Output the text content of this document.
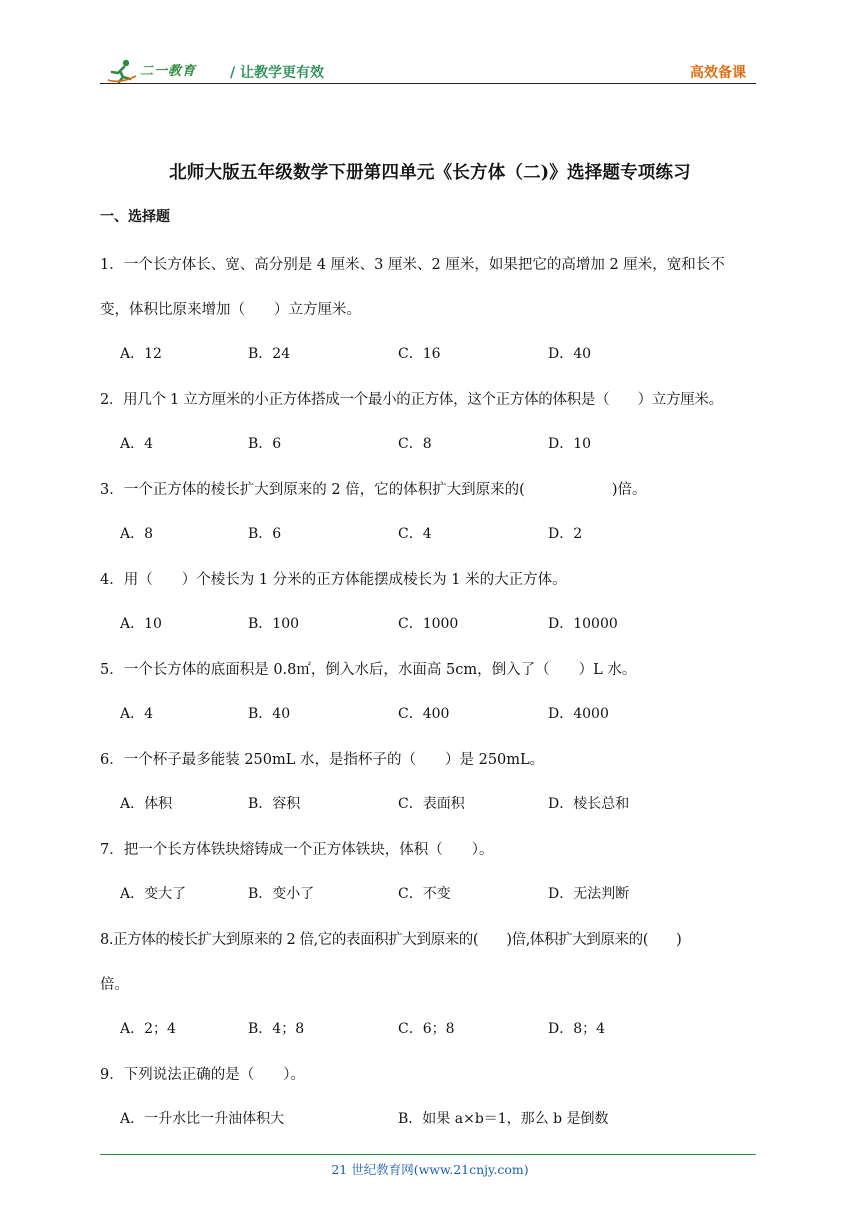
二一教育 / 让教学更有效	高效备课
北师大版五年级数学下册第四单元《长方体（二)》选择题专项练习
一、选择题
1．一个长方体长、宽、高分别是 4 厘米、3 厘米、2 厘米，如果把它的高增加 2 厘米，宽和长不
变，体积比原来增加（　　）立方厘米。
A．12	B．24	C．16	D．40
2．用几个 1 立方厘米的小正方体搭成一个最小的正方体，这个正方体的体积是（　　）立方厘米。
A．4	B．6	C．8	D．10
3．一个正方体的棱长扩大到原来的 2 倍，它的体积扩大到原来的(　　　　　　)倍。
A．8	B．6	C．4	D．2
4．用（　　）个棱长为 1 分米的正方体能摆成棱长为 1 米的大正方体。
A．10	B．100	C．1000	D．10000
5．一个长方体的底面积是 0.8㎡，倒入水后，水面高 5cm，倒入了（　　）L 水。
A．4	B．40	C．400	D．4000
6．一个杯子最多能装 250mL 水，是指杯子的（　　）是 250mL。
A．体积	B．容积	C．表面积	D．棱长总和
7．把一个长方体铁块熔铸成一个正方体铁块，体积（　　）。
A．变大了	B．变小了	C．不变	D．无法判断
8.正方体的棱长扩大到原来的 2 倍,它的表面积扩大到原来的(　　)倍,体积扩大到原来的(　　)
倍。
A．2；4	B．4；8	C．6；8	D．8；4
9．下列说法正确的是（　　）。
A．一升水比一升油体积大	B．如果 a×b＝1，那么 b 是倒数
21 世纪教育网(www.21cnjy.com)
